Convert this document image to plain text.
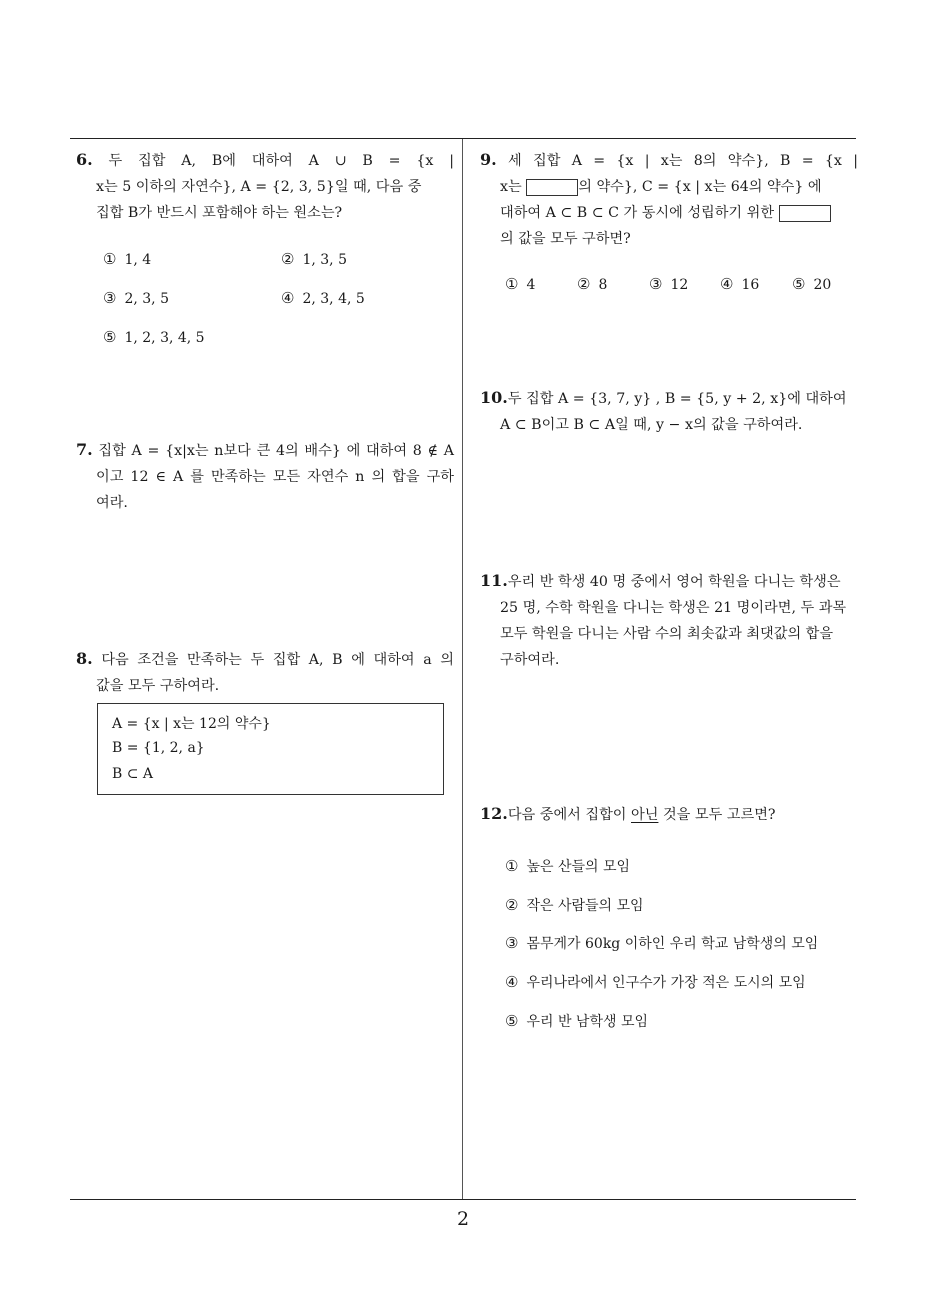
2
6. 두 집합 A, B에 대하여 A ∪ B = {x |
x는 5 이하의 자연수}, A = {2, 3, 5}일 때, 다음 중
집합 B가 반드시 포함해야 하는 원소는?
① 1, 4	② 1, 3, 5
③ 2, 3, 5	④ 2, 3, 4, 5
⑤ 1, 2, 3, 4, 5
7. 집합 A = {x|x는 n보다 큰 4의 배수} 에 대하여 8 ∉ A
이고 12 ∈ A 를 만족하는 모든 자연수 n 의 합을 구하
여라.
8. 다음 조건을 만족하는 두 집합 A, B 에 대하여 a 의
값을 모두 구하여라.
A = {x | x는 12의 약수}
B = {1, 2, a}
B ⊂ A
9. 세 집합 A = {x | x는 8의 약수}, B = {x |
x는	의 약수}, C = {x | x는 64의 약수} 에
대하여 A ⊂ B ⊂ C 가 동시에 성립하기 위한
의 값을 모두 구하면?
① 4	② 8	③ 12 ④ 16 ⑤ 20
10.두 집합 A = {3, 7, y} , B = {5, y + 2, x}에 대하여
A ⊂ B이고 B ⊂ A일 때, y − x의 값을 구하여라.
11.우리 반 학생 40 명 중에서 영어 학원을 다니는 학생은
25 명, 수학 학원을 다니는 학생은 21 명이라면, 두 과목
모두 학원을 다니는 사람 수의 최솟값과 최댓값의 합을
구하여라.
12.다음 중에서 집합이 아닌 것을 모두 고르면?
① 높은 산들의 모임
② 작은 사람들의 모임
③ 몸무게가 60kg 이하인 우리 학교 남학생의 모임
④ 우리나라에서 인구수가 가장 적은 도시의 모임
⑤ 우리 반 남학생 모임
